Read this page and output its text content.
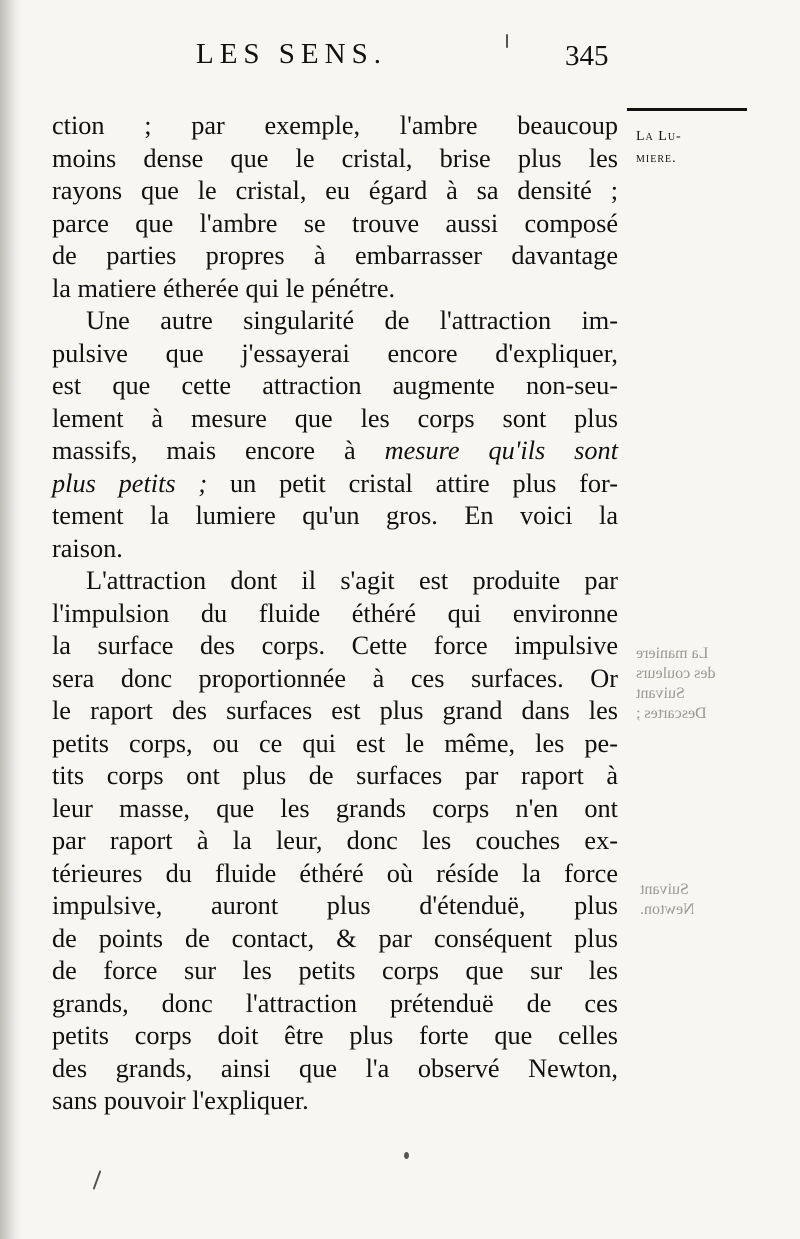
LES SENS.	345
La Lu-
miere.
La maniere
des couleurs
Suivant
Descartes ;
Suivant
Newton.

ction ; par exemple, l'ambre beaucoup
moins dense que le cristal, brise plus les
rayons que le cristal, eu égard à sa densité ;
parce que l'ambre se trouve aussi composé
de parties propres à embarrasser davantage
la matiere étherée qui le pénétre.

Une autre singularité de l'attraction im-
pulsive que j'essayerai encore d'expliquer,
est que cette attraction augmente non-seu-
lement à mesure que les corps sont plus
massifs, mais encore à mesure qu'ils sont
plus petits ; un petit cristal attire plus for-
tement la lumiere qu'un gros. En voici la
raison.

L'attraction dont il s'agit est produite par
l'impulsion du fluide éthéré qui environne
la surface des corps. Cette force impulsive
sera donc proportionnée à ces surfaces. Or
le raport des surfaces est plus grand dans les
petits corps, ou ce qui est le même, les pe-
tits corps ont plus de surfaces par raport à
leur masse, que les grands corps n'en ont
par raport à la leur, donc les couches ex-
térieures du fluide éthéré où résíde la force
impulsive, auront plus d'étenduë, plus
de points de contact, & par conséquent plus
de force sur les petits corps que sur les
grands, donc l'attraction prétenduë de ces
petits corps doit être plus forte que celles
des grands, ainsi que l'a observé Newton,
sans pouvoir l'expliquer.
